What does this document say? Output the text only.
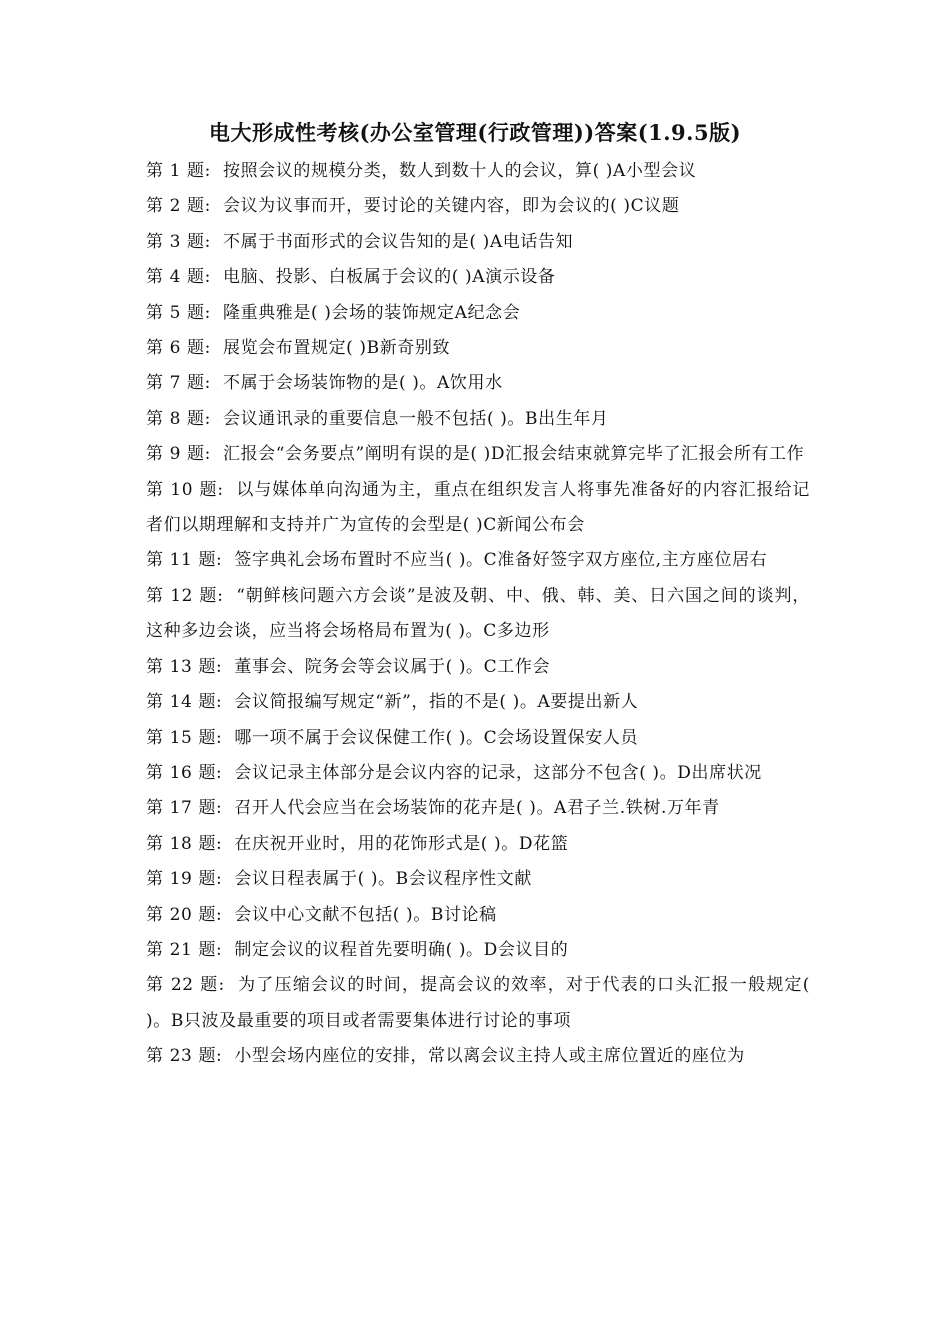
电大形成性考核(办公室管理(行政管理))答案(1.9.5版)
第 1 题: 按照会议的规模分类，数人到数十人的会议，算( )A小型会议
第 2 题: 会议为议事而开，要讨论的关键内容，即为会议的( )C议题
第 3 题: 不属于书面形式的会议告知的是( )A电话告知
第 4 题: 电脑、投影、白板属于会议的( )A演示设备
第 5 题: 隆重典雅是( )会场的装饰规定A纪念会
第 6 题: 展览会布置规定( )B新奇别致
第 7 题: 不属于会场装饰物的是( )。A饮用水
第 8 题: 会议通讯录的重要信息一般不包括( )。B出生年月
第 9 题: 汇报会“会务要点”阐明有误的是( )D汇报会结束就算完毕了汇报会所有工作
第 10 题: 以与媒体单向沟通为主，重点在组织发言人将事先准备好的内容汇报给记者们以期理解和支持并广为宣传的会型是( )C新闻公布会
第 11 题: 签字典礼会场布置时不应当( )。C准备好签字双方座位,主方座位居右
第 12 题: “朝鲜核问题六方会谈”是波及朝、中、俄、韩、美、日六国之间的谈判，这种多边会谈，应当将会场格局布置为( )。C多边形
第 13 题: 董事会、院务会等会议属于( )。C工作会
第 14 题: 会议简报编写规定“新”，指的不是( )。A要提出新人
第 15 题: 哪一项不属于会议保健工作( )。C会场设置保安人员
第 16 题: 会议记录主体部分是会议内容的记录，这部分不包含( )。D出席状况
第 17 题: 召开人代会应当在会场装饰的花卉是( )。A君子兰.铁树.万年青
第 18 题: 在庆祝开业时，用的花饰形式是( )。D花篮
第 19 题: 会议日程表属于( )。B会议程序性文献
第 20 题: 会议中心文献不包括( )。B讨论稿
第 21 题: 制定会议的议程首先要明确( )。D会议目的
第 22 题: 为了压缩会议的时间，提高会议的效率，对于代表的口头汇报一般规定( )。B只波及最重要的项目或者需要集体进行讨论的事项
第 23 题: 小型会场内座位的安排，常以离会议主持人或主席位置近的座位为
